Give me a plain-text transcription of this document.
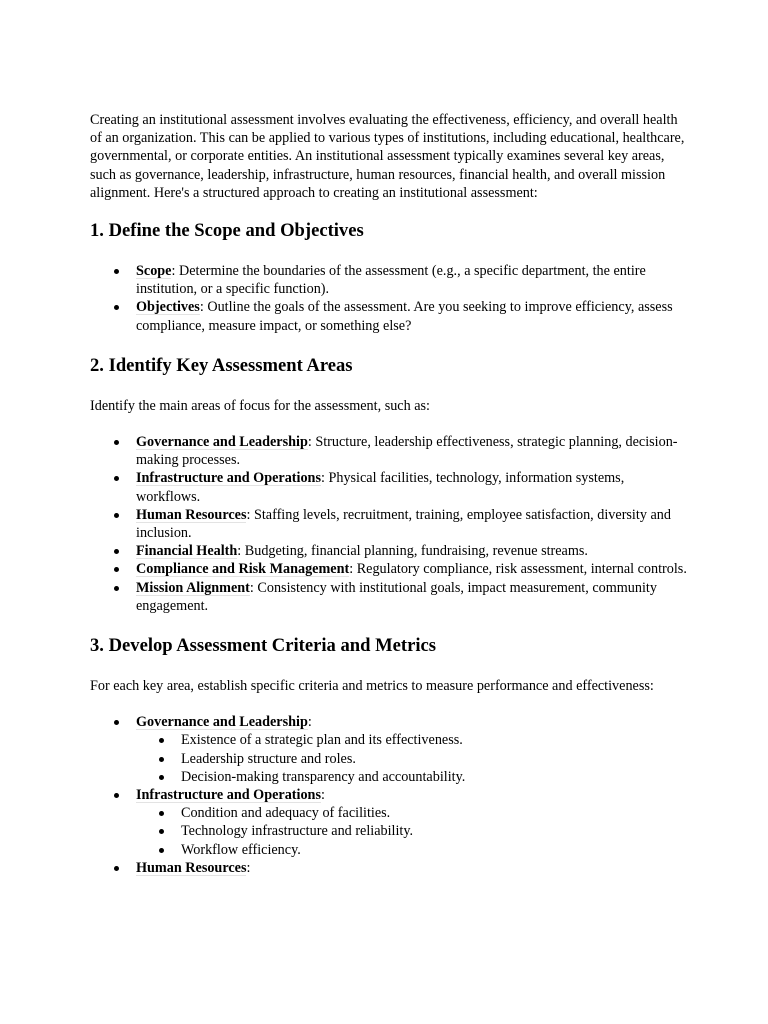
Creating an institutional assessment involves evaluating the effectiveness, efficiency, and overall health of an organization. This can be applied to various types of institutions, including educational, healthcare, governmental, or corporate entities. An institutional assessment typically examines several key areas, such as governance, leadership, infrastructure, human resources, financial health, and overall mission alignment. Here's a structured approach to creating an institutional assessment:

1. Define the Scope and Objectives
Scope: Determine the boundaries of the assessment (e.g., a specific department, the entire institution, or a specific function).
Objectives: Outline the goals of the assessment. Are you seeking to improve efficiency, assess compliance, measure impact, or something else?
2. Identify Key Assessment Areas

Identify the main areas of focus for the assessment, such as:

Governance and Leadership: Structure, leadership effectiveness, strategic planning, decision-making processes.
Infrastructure and Operations: Physical facilities, technology, information systems, workflows.
Human Resources: Staffing levels, recruitment, training, employee satisfaction, diversity and inclusion.
Financial Health: Budgeting, financial planning, fundraising, revenue streams.
Compliance and Risk Management: Regulatory compliance, risk assessment, internal controls.
Mission Alignment: Consistency with institutional goals, impact measurement, community engagement.
3. Develop Assessment Criteria and Metrics

For each key area, establish specific criteria and metrics to measure performance and effectiveness:

Governance and Leadership:
Existence of a strategic plan and its effectiveness.
Leadership structure and roles.
Decision-making transparency and accountability.
Infrastructure and Operations:
Condition and adequacy of facilities.
Technology infrastructure and reliability.
Workflow efficiency.
Human Resources:
